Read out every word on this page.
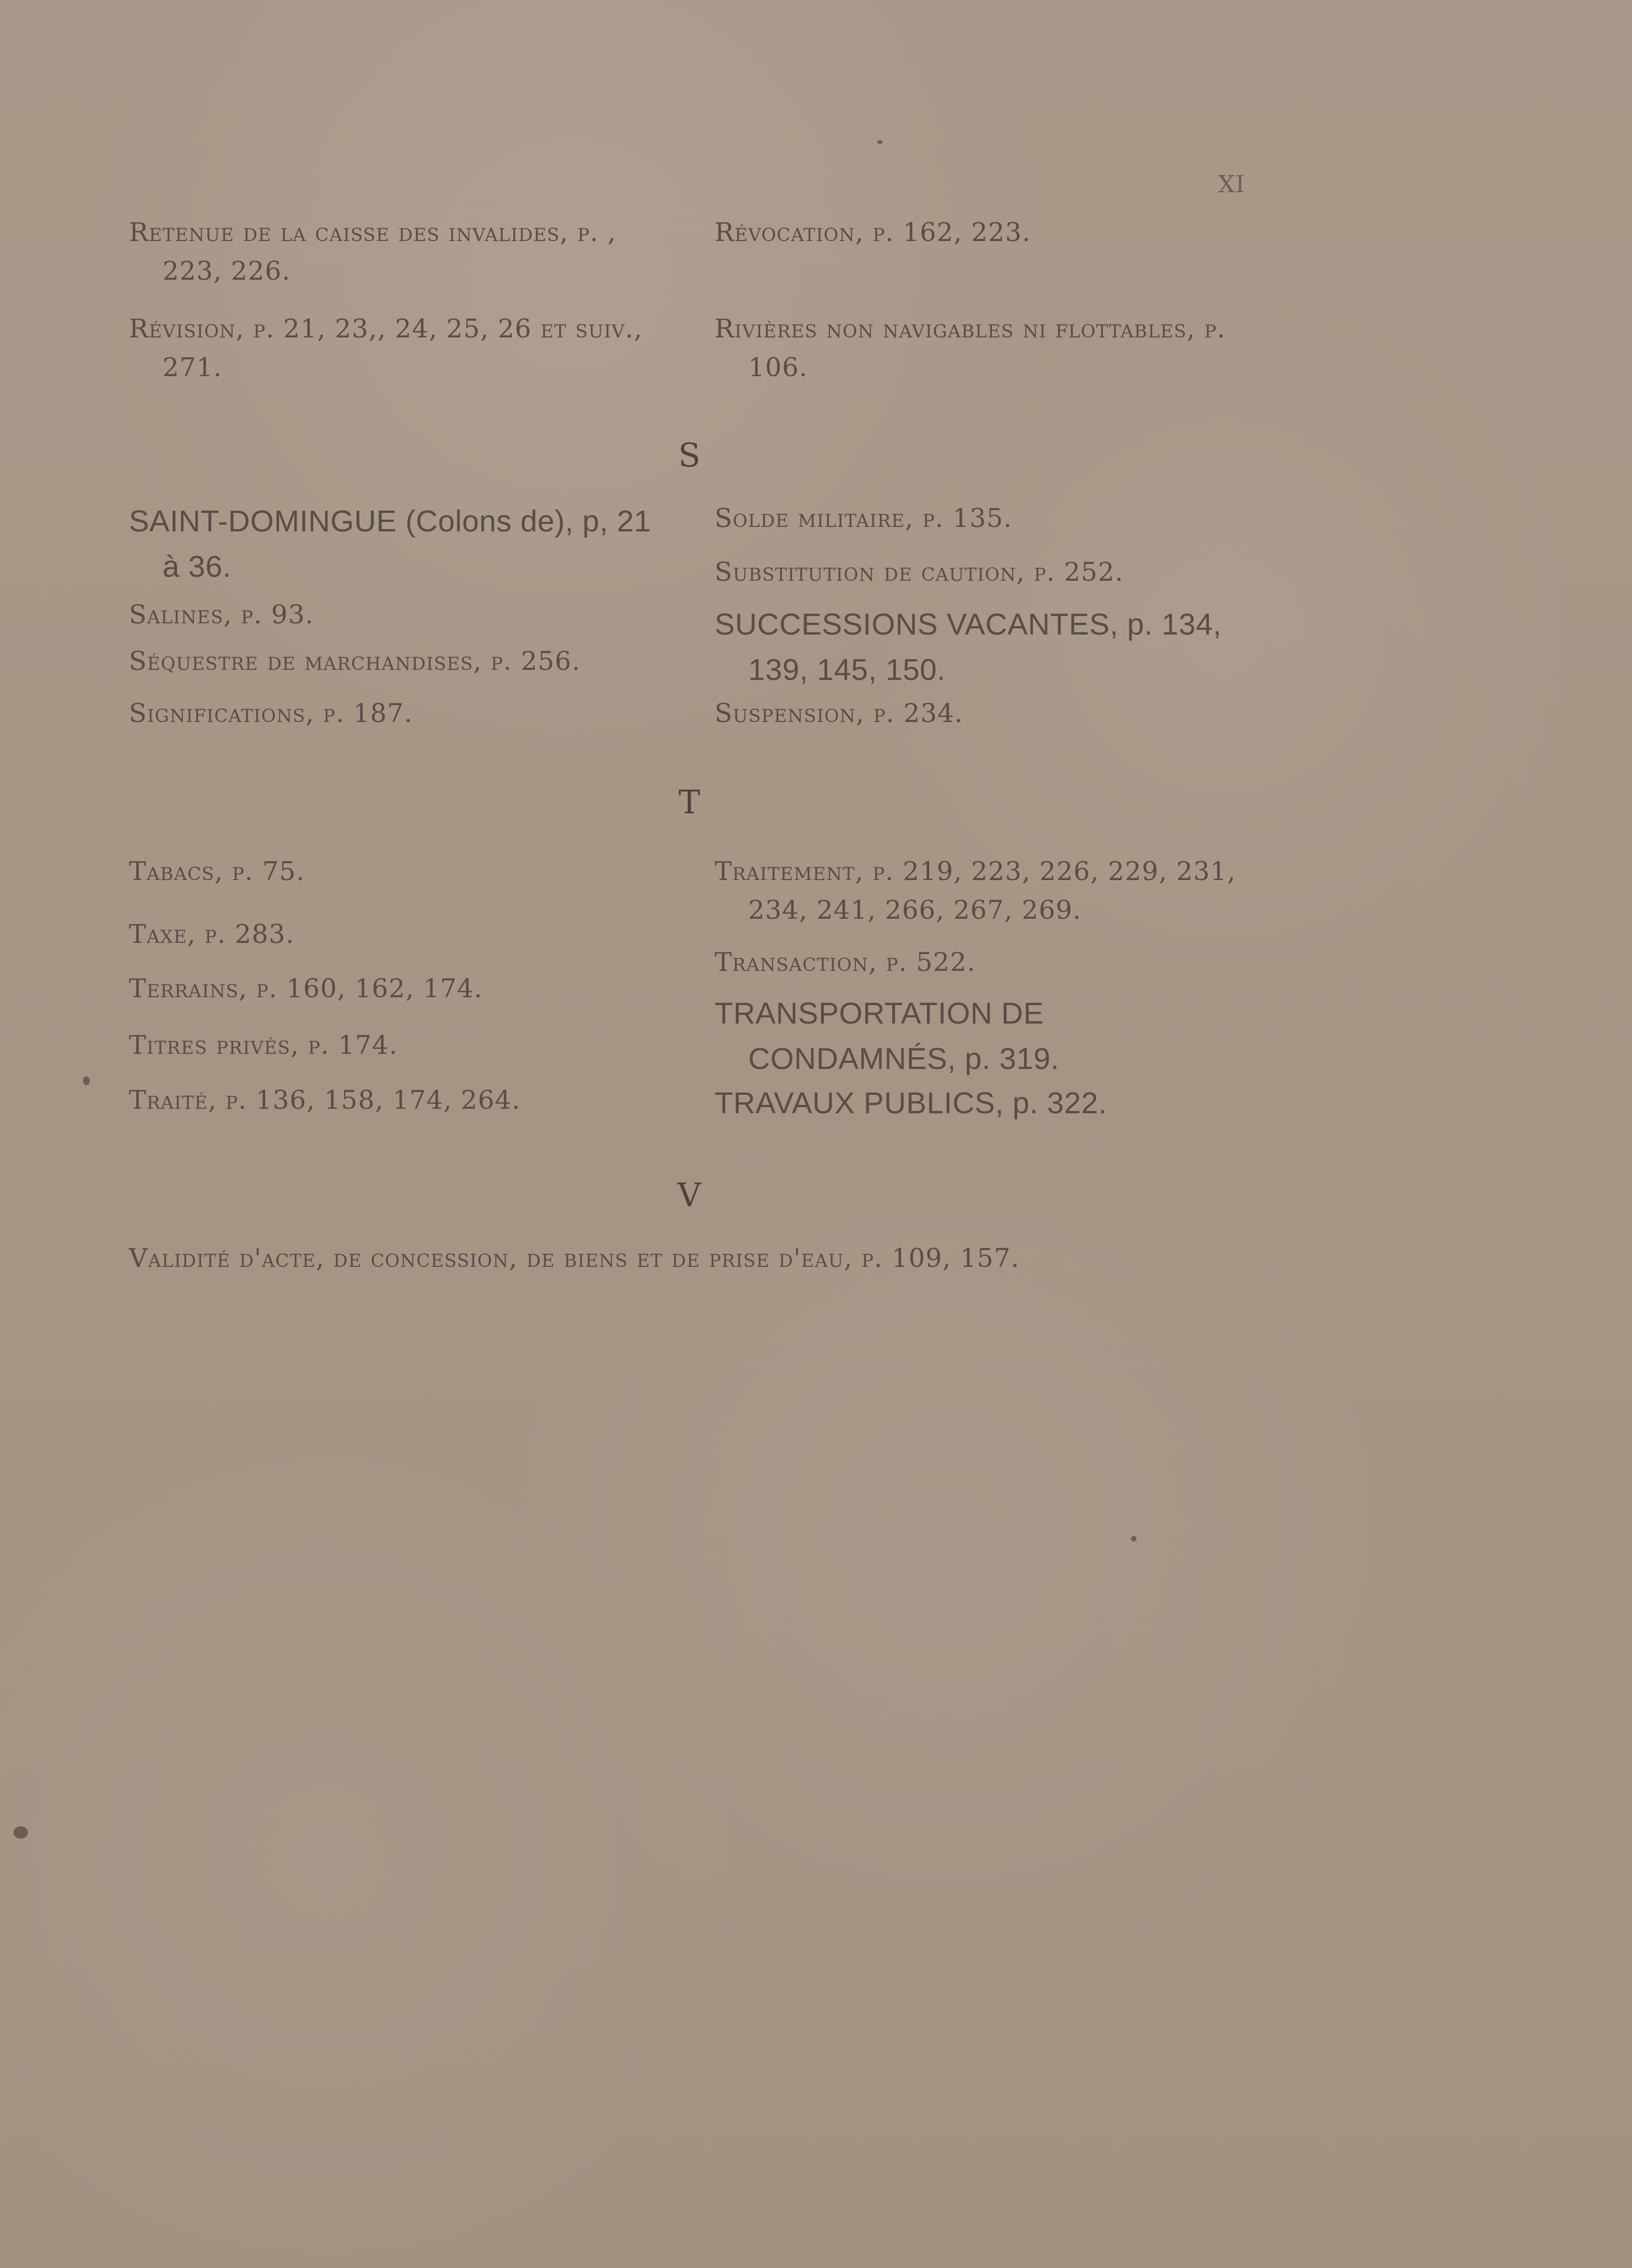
XI
Retenue de la caisse des invalides, p. , 223, 226.
Révision, p. 21, 23,, 24, 25, 26 et suiv., 271.
Révocation, p. 162, 223.
Rivières non navigables ni flottables, p. 106.
S
SAINT-DOMINGUE (Colons de), p, 21 à 36.
Salines, p. 93.
Séquestre de marchandises, p. 256.
Significations, p. 187.
Solde militaire, p. 135.
Substitution de caution, p. 252.
SUCCESSIONS VACANTES, p. 134, 139, 145, 150.
Suspension, p. 234.
T
Tabacs, p. 75.
Taxe, p. 283.
Terrains, p. 160, 162, 174.
Titres privés, p. 174.
Traité, p. 136, 158, 174, 264.
Traitement, p. 219, 223, 226, 229, 231, 234, 241, 266, 267, 269.
Transaction, p. 522.
TRANSPORTATION DE CONDAMNÉS, p. 319.
TRAVAUX PUBLICS, p. 322.
V
Validité d'acte, de concession, de biens et de prise d'eau, p. 109, 157.
